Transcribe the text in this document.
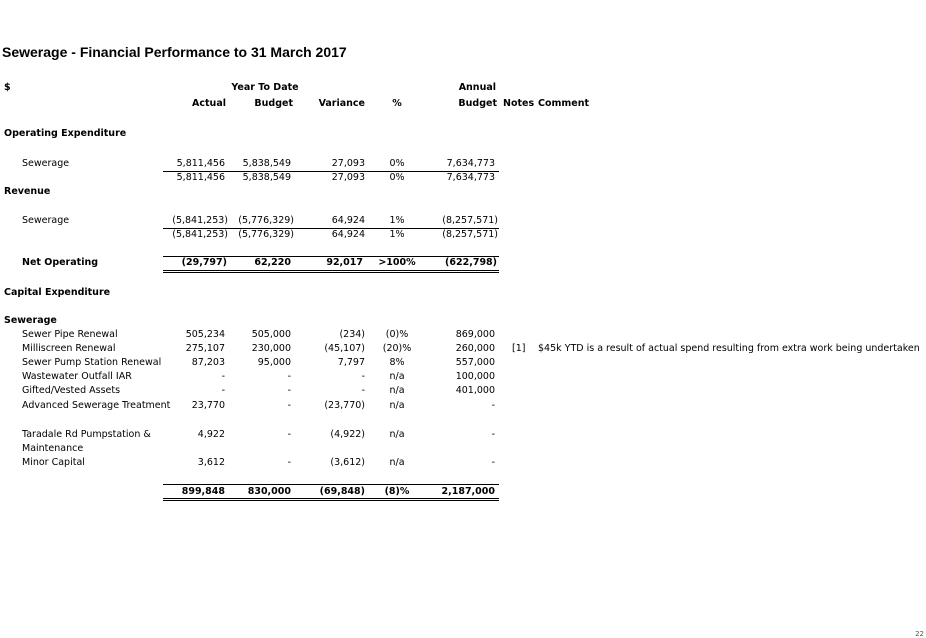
Sewerage - Financial Performance to 31 March 2017
$	Year To Date	Annual
Actual	Budget	Variance	%	Budget Notes Comment
Operating Expenditure
Sewerage	5,811,456	5,838,549	27,093	0%	7,634,773
5,811,456	5,838,549	27,093	0%	7,634,773
Revenue
Sewerage	(5,841,253)	(5,776,329)	64,924	1%	(8,257,571)
(5,841,253)	(5,776,329)	64,924	1%	(8,257,571)
Net Operating	(29,797)	62,220	92,017	>100%	(622,798)
Capital Expenditure
Sewerage
Sewer Pipe Renewal	505,234	505,000	(234)	(0)%	869,000
Milliscreen Renewal	275,107	230,000	(45,107)	(20)%	260,000 [1] $45k YTD is a result of actual spend resulting from extra work being undertaken
Sewer Pump Station Renewal	87,203	95,000	7,797	8%	557,000
Wastewater Outfall IAR	-	-	-	n/a	100,000
Gifted/Vested Assets	-	-	-	n/a	401,000
Advanced Sewerage Treatment	23,770	-	(23,770)	n/a	-
Taradale Rd Pumpstation &
Maintenance
4,922	-	(4,922)	n/a	-
Minor Capital	3,612	-	(3,612)	n/a	-
899,848	830,000	(69,848)	(8)%	2,187,000
22
